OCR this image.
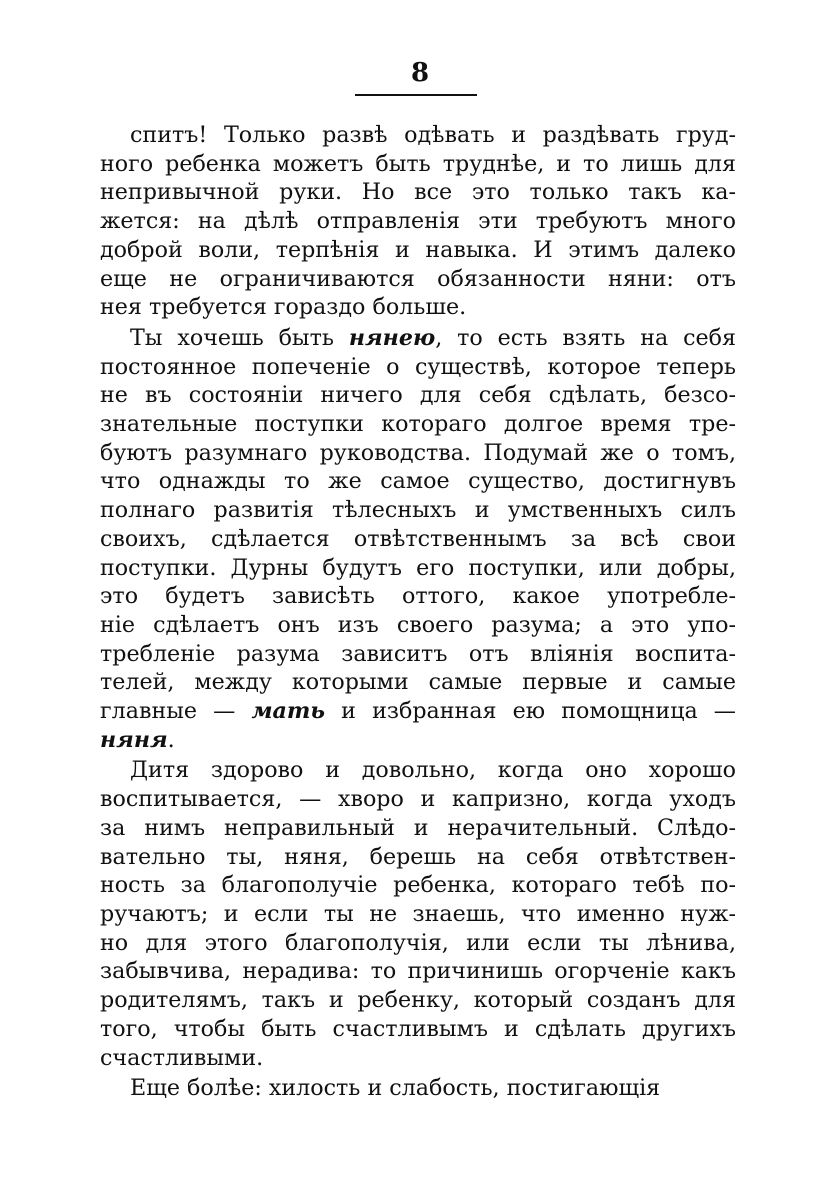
8
спитъ! Только развѣ одѣвать и раздѣвать груд-
ного ребенка можетъ быть труднѣе, и то лишь для
непривычной руки. Но все это только такъ ка-
жется: на дѣлѣ отправленія эти требуютъ много
доброй воли, терпѣнія и навыка. И этимъ далеко
еще не ограничиваются обязанности няни: отъ
нея требуется гораздо больше.
Ты хочешь быть нянею, то есть взять на себя
постоянное попеченіе о существѣ, которое теперь
не въ состояніи ничего для себя сдѣлать, безсо-
знательные поступки котораго долгое время тре-
буютъ разумнаго руководства. Подумай же о томъ,
что однажды то же самое существо, достигнувъ
полнаго развитія тѣлесныхъ и умственныхъ силъ
своихъ, сдѣлается отвѣтственнымъ за всѣ свои
поступки. Дурны будутъ его поступки, или добры,
это будетъ зависѣть оттого, какое употребле-
ніе сдѣлаетъ онъ изъ своего разума; а это упо-
требленіе разума зависитъ отъ вліянія воспита-
телей, между которыми самые первые и самые
главные — мать и избранная ею помощница —
няня.
Дитя здорово и довольно, когда оно хорошо
воспитывается, — хворо и капризно, когда уходъ
за нимъ неправильный и нерачительный. Слѣдо-
вательно ты, няня, берешь на себя отвѣтствен-
ность за благополучіе ребенка, котораго тебѣ по-
ручаютъ; и если ты не знаешь, что именно нуж-
но для этого благополучія, или если ты лѣнива,
забывчива, нерадива: то причинишь огорченіе какъ
родителямъ, такъ и ребенку, который созданъ для
того, чтобы быть счастливымъ и сдѣлать другихъ
счастливыми.
Еще болѣе: хилость и слабость, постигающія
